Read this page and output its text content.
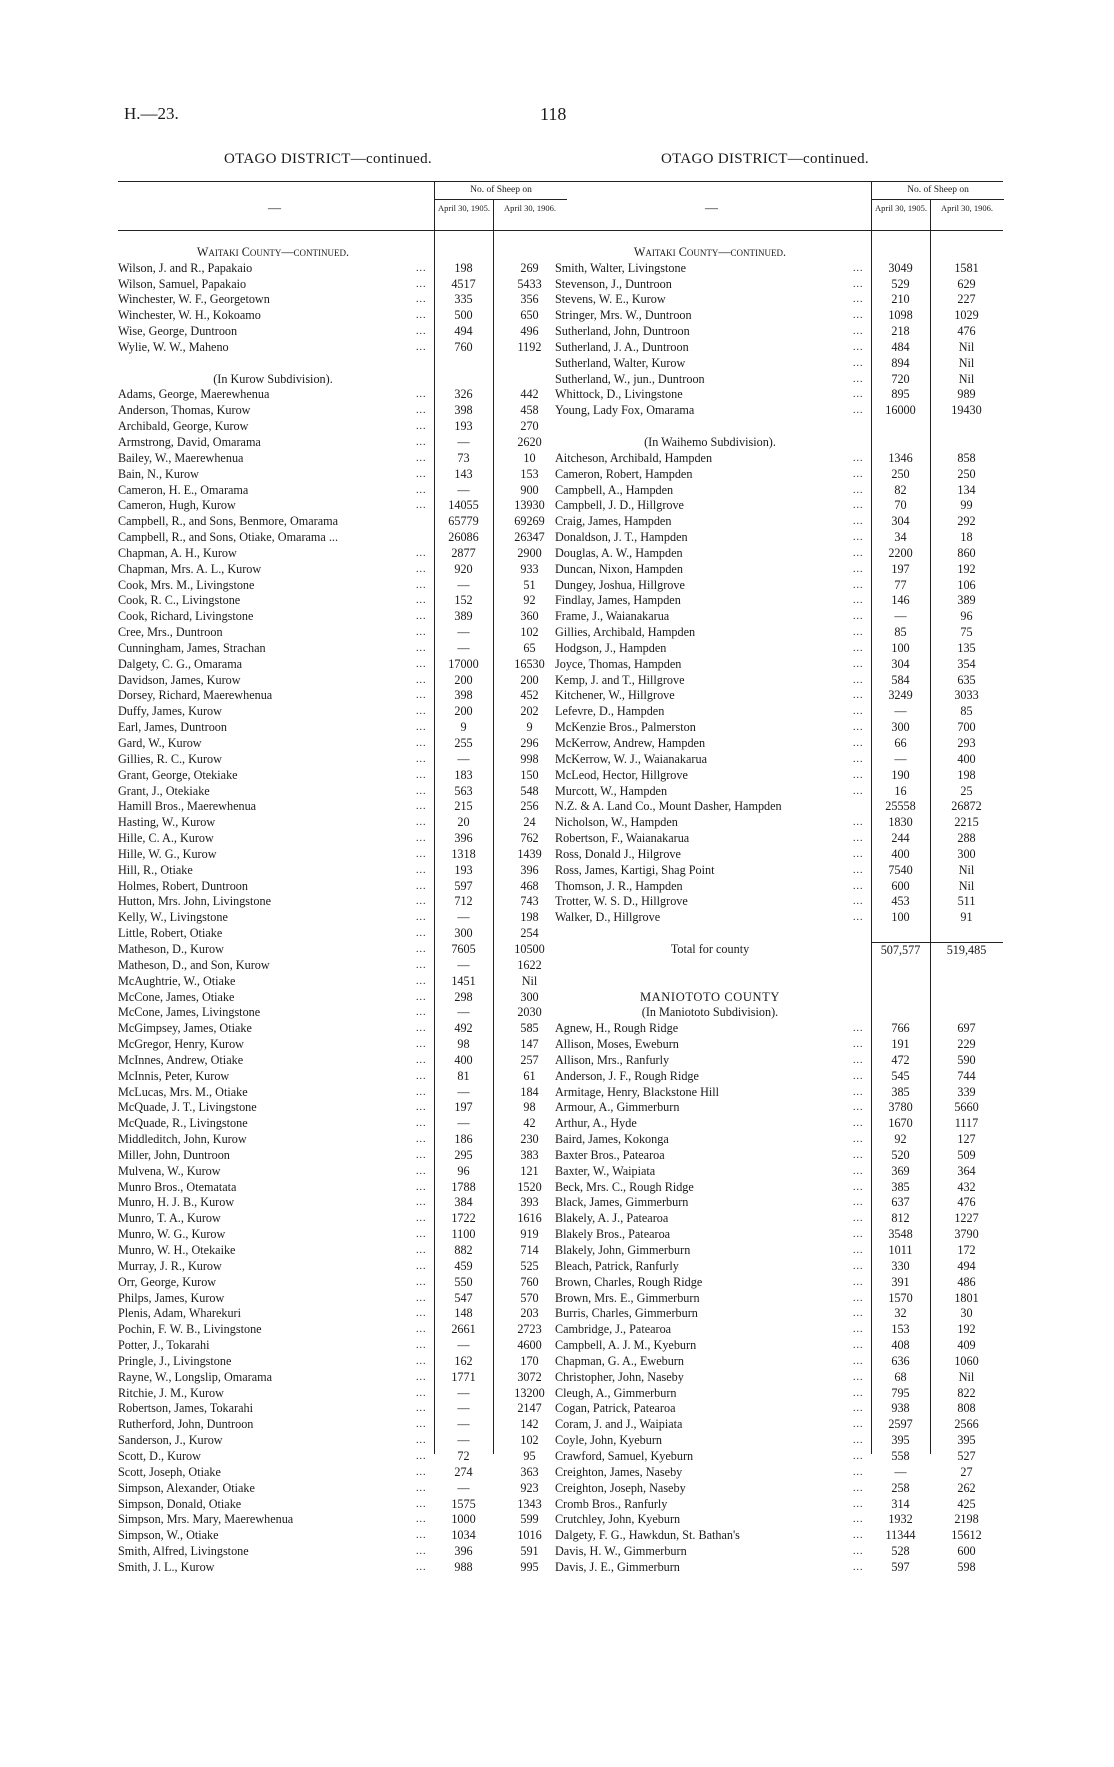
H.—23.	118
OTAGO DISTRICT—continued.
—
No. of Sheep on
April 30, 1905.	April 30, 1906.
Waitaki County—continued.
Wilson, J. and R., Papakaio	...	198	269
Wilson, Samuel, Papakaio	...	4517	5433
Winchester, W. F., Georgetown	...	335	356
Winchester, W. H., Kokoamo	...	500	650
Wise, George, Duntroon	...	494	496
Wylie, W. W., Maheno	...	760	1192
(In Kurow Subdivision).
Adams, George, Maerewhenua	...	326	442
Anderson, Thomas, Kurow	...	398	458
Archibald, George, Kurow	...	193	270
Armstrong, David, Omarama	...	—	2620
Bailey, W., Maerewhenua	...	73	10
Bain, N., Kurow	...	143	153
Cameron, H. E., Omarama	...	—	900
Cameron, Hugh, Kurow	...	14055	13930
Campbell, R., and Sons, Benmore, Omarama	65779	69269
Campbell, R., and Sons, Otiake, Omarama ...	26086	26347
Chapman, A. H., Kurow	...	2877	2900
Chapman, Mrs. A. L., Kurow	...	920	933
Cook, Mrs. M., Livingstone	...	—	51
Cook, R. C., Livingstone	...	152	92
Cook, Richard, Livingstone	...	389	360
Cree, Mrs., Duntroon	...	—	102
Cunningham, James, Strachan	...	—	65
Dalgety, C. G., Omarama	...	17000	16530
Davidson, James, Kurow	...	200	200
Dorsey, Richard, Maerewhenua	...	398	452
Duffy, James, Kurow	...	200	202
Earl, James, Duntroon	...	9	9
Gard, W., Kurow	...	255	296
Gillies, R. C., Kurow	...	—	998
Grant, George, Otekiake	...	183	150
Grant, J., Otekiake	...	563	548
Hamill Bros., Maerewhenua	...	215	256
Hasting, W., Kurow	...	20	24
Hille, C. A., Kurow	...	396	762
Hille, W. G., Kurow	...	1318	1439
Hill, R., Otiake	...	193	396
Holmes, Robert, Duntroon	...	597	468
Hutton, Mrs. John, Livingstone	...	712	743
Kelly, W., Livingstone	...	—	198
Little, Robert, Otiake	...	300	254
Matheson, D., Kurow	...	7605	10500
Matheson, D., and Son, Kurow	...	—	1622
McAughtrie, W., Otiake	...	1451	Nil
McCone, James, Otiake	...	298	300
McCone, James, Livingstone	...	—	2030
McGimpsey, James, Otiake	...	492	585
McGregor, Henry, Kurow	...	98	147
McInnes, Andrew, Otiake	...	400	257
McInnis, Peter, Kurow	...	81	61
McLucas, Mrs. M., Otiake	...	—	184
McQuade, J. T., Livingstone	...	197	98
McQuade, R., Livingstone	...	—	42
Middleditch, John, Kurow	...	186	230
Miller, John, Duntroon	...	295	383
Mulvena, W., Kurow	...	96	121
Munro Bros., Otematata	...	1788	1520
Munro, H. J. B., Kurow	...	384	393
Munro, T. A., Kurow	...	1722	1616
Munro, W. G., Kurow	...	1100	919
Munro, W. H., Otekaike	...	882	714
Murray, J. R., Kurow	...	459	525
Orr, George, Kurow	...	550	760
Philps, James, Kurow	...	547	570
Plenis, Adam, Wharekuri	...	148	203
Pochin, F. W. B., Livingstone	...	2661	2723
Potter, J., Tokarahi	...	—	4600
Pringle, J., Livingstone	...	162	170
Rayne, W., Longslip, Omarama	...	1771	3072
Ritchie, J. M., Kurow	...	—	13200
Robertson, James, Tokarahi	...	—	2147
Rutherford, John, Duntroon	...	—	142
Sanderson, J., Kurow	...	—	102
Scott, D., Kurow	...	72	95
Scott, Joseph, Otiake	...	274	363
Simpson, Alexander, Otiake	...	—	923
Simpson, Donald, Otiake	...	1575	1343
Simpson, Mrs. Mary, Maerewhenua	...	1000	599
Simpson, W., Otiake	...	1034	1016
Smith, Alfred, Livingstone	...	396	591
Smith, J. L., Kurow	...	988	995
OTAGO DISTRICT—continued.
—
No. of Sheep on
April 30, 1905.	April 30, 1906.
Waitaki County—continued.
Smith, Walter, Livingstone	...	3049	1581
Stevenson, J., Duntroon	...	529	629
Stevens, W. E., Kurow	...	210	227
Stringer, Mrs. W., Duntroon	...	1098	1029
Sutherland, John, Duntroon	...	218	476
Sutherland, J. A., Duntroon	...	484	Nil
Sutherland, Walter, Kurow	...	894	Nil
Sutherland, W., jun., Duntroon	...	720	Nil
Whittock, D., Livingstone	...	895	989
Young, Lady Fox, Omarama	...	16000	19430
(In Waihemo Subdivision).
Aitcheson, Archibald, Hampden	...	1346	858
Cameron, Robert, Hampden	...	250	250
Campbell, A., Hampden	...	82	134
Campbell, J. D., Hillgrove	...	70	99
Craig, James, Hampden	...	304	292
Donaldson, J. T., Hampden	...	34	18
Douglas, A. W., Hampden	...	2200	860
Duncan, Nixon, Hampden	...	197	192
Dungey, Joshua, Hillgrove	...	77	106
Findlay, James, Hampden	...	146	389
Frame, J., Waianakarua	...	—	96
Gillies, Archibald, Hampden	...	85	75
Hodgson, J., Hampden	...	100	135
Joyce, Thomas, Hampden	...	304	354
Kemp, J. and T., Hillgrove	...	584	635
Kitchener, W., Hillgrove	...	3249	3033
Lefevre, D., Hampden	...	—	85
McKenzie Bros., Palmerston	...	300	700
McKerrow, Andrew, Hampden	...	66	293
McKerrow, W. J., Waianakarua	...	—	400
McLeod, Hector, Hillgrove	...	190	198
Murcott, W., Hampden	...	16	25
N.Z. & A. Land Co., Mount Dasher, Hampden	25558	26872
Nicholson, W., Hampden	...	1830	2215
Robertson, F., Waianakarua	...	244	288
Ross, Donald J., Hilgrove	...	400	300
Ross, James, Kartigi, Shag Point	...	7540	Nil
Thomson, J. R., Hampden	...	600	Nil
Trotter, W. S. D., Hillgrove	...	453	511
Walker, D., Hillgrove	...	100	91
Total for county	507,577	519,485
MANIOTOTO COUNTY
(In Maniototo Subdivision).
Agnew, H., Rough Ridge	...	766	697
Allison, Moses, Eweburn	...	191	229
Allison, Mrs., Ranfurly	...	472	590
Anderson, J. F., Rough Ridge	...	545	744
Armitage, Henry, Blackstone Hill	...	385	339
Armour, A., Gimmerburn	...	3780	5660
Arthur, A., Hyde	...	1670	1117
Baird, James, Kokonga	...	92	127
Baxter Bros., Patearoa	...	520	509
Baxter, W., Waipiata	...	369	364
Beck, Mrs. C., Rough Ridge	...	385	432
Black, James, Gimmerburn	...	637	476
Blakely, A. J., Patearoa	...	812	1227
Blakely Bros., Patearoa	...	3548	3790
Blakely, John, Gimmerburn	...	1011	172
Bleach, Patrick, Ranfurly	...	330	494
Brown, Charles, Rough Ridge	...	391	486
Brown, Mrs. E., Gimmerburn	...	1570	1801
Burris, Charles, Gimmerburn	...	32	30
Cambridge, J., Patearoa	...	153	192
Campbell, A. J. M., Kyeburn	...	408	409
Chapman, G. A., Eweburn	...	636	1060
Christopher, John, Naseby	...	68	Nil
Cleugh, A., Gimmerburn	...	795	822
Cogan, Patrick, Patearoa	...	938	808
Coram, J. and J., Waipiata	...	2597	2566
Coyle, John, Kyeburn	...	395	395
Crawford, Samuel, Kyeburn	...	558	527
Creighton, James, Naseby	...	—	27
Creighton, Joseph, Naseby	...	258	262
Cromb Bros., Ranfurly	...	314	425
Crutchley, John, Kyeburn	...	1932	2198
Dalgety, F. G., Hawkdun, St. Bathan's	...	11344	15612
Davis, H. W., Gimmerburn	...	528	600
Davis, J. E., Gimmerburn	...	597	598
